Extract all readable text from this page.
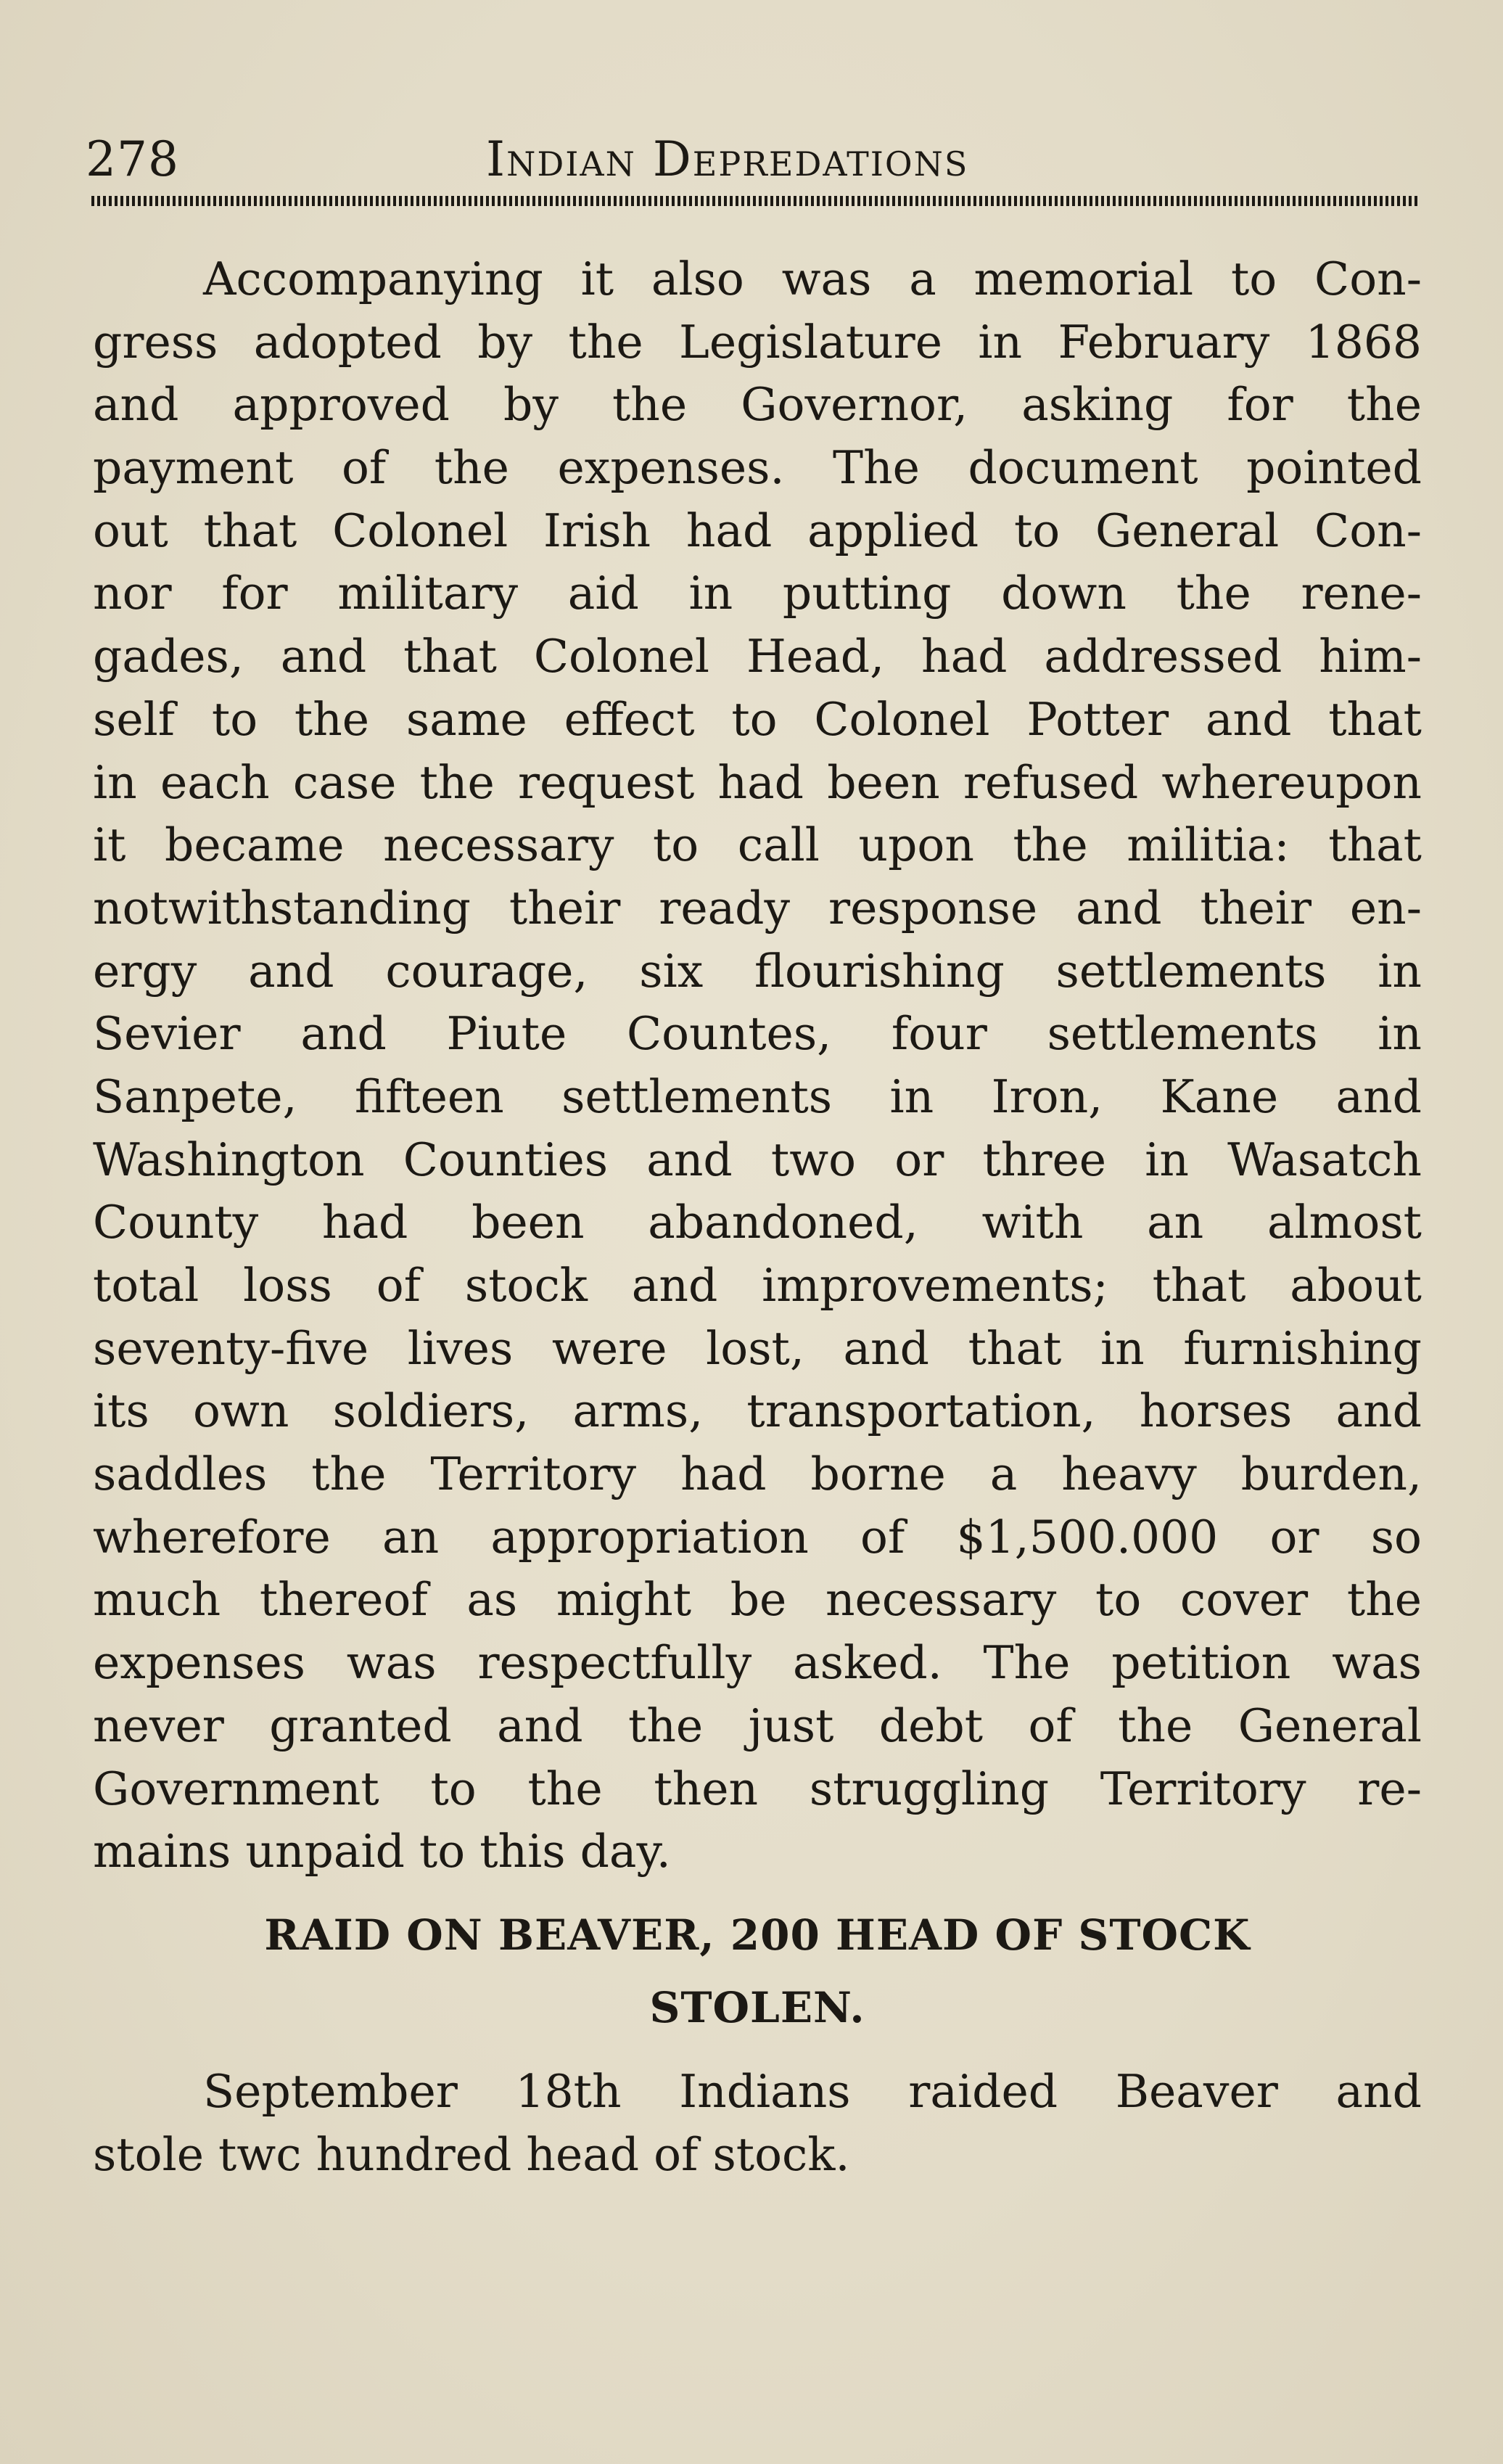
278	Indian Depredations
Accompanying it also was a memorial to Con-
gress adopted by the Legislature in February 1868
and approved by the Governor, asking for the
payment of the expenses. The document pointed
out that Colonel Irish had applied to General Con-
nor for military aid in putting down the rene-
gades, and that Colonel Head, had addressed him-
self to the same effect to Colonel Potter and that
in each case the request had been refused whereupon
it became necessary to call upon the militia: that
notwithstanding their ready response and their en-
ergy and courage, six flourishing settlements in
Sevier and Piute Countes, four settlements in
Sanpete, fifteen settlements in Iron, Kane and
Washington Counties and two or three in Wasatch
County had been abandoned, with an almost
total loss of stock and improvements; that about
seventy-five lives were lost, and that in furnishing
its own soldiers, arms, transportation, horses and
saddles the Territory had borne a heavy burden,
wherefore an appropriation of $1,500.000 or so
much thereof as might be necessary to cover the
expenses was respectfully asked. The petition was
never granted and the just debt of the General
Government to the then struggling Territory re-
mains unpaid to this day.
RAID ON BEAVER, 200 HEAD OF STOCK
STOLEN.
September 18th Indians raided Beaver and
stole twc hundred head of stock.
